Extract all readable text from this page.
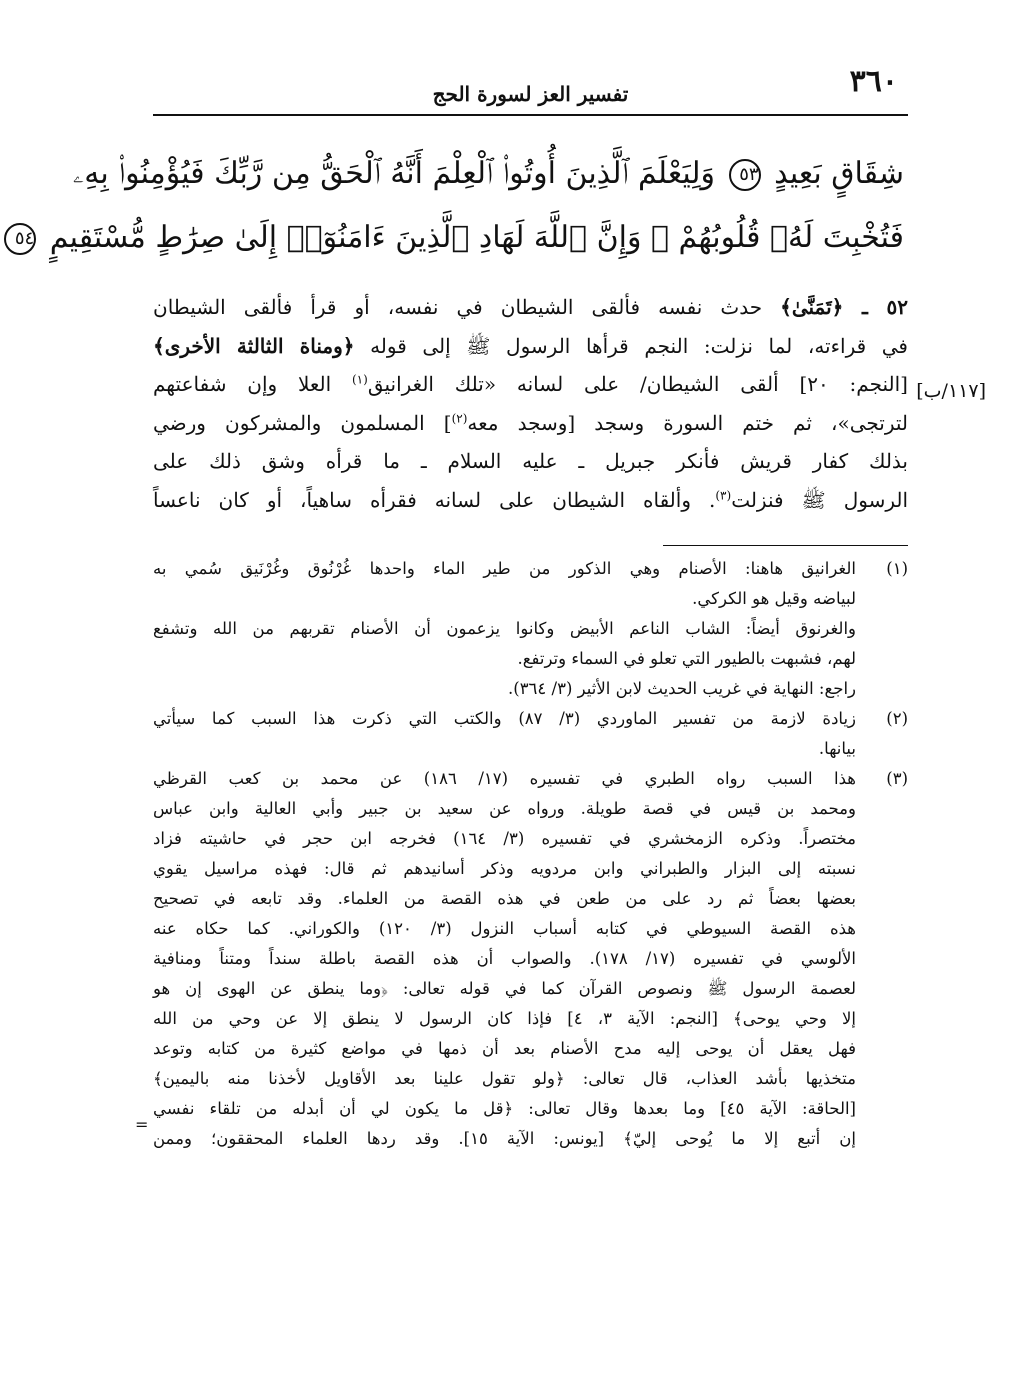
٣٦٠
تفسير العز لسورة الحج
شِقَاقٍ بَعِيدٍ ٥٣ وَلِيَعْلَمَ ٱلَّذِينَ أُوتُوا۟ ٱلْعِلْمَ أَنَّهُ ٱلْحَقُّ مِن رَّبِّكَ فَيُؤْمِنُوا۟ بِهِۦ
فَتُخْبِتَ لَهُۥ قُلُوبُهُمْ ۗ وَإِنَّ ٱللَّهَ لَهَادِ ٱلَّذِينَ ءَامَنُوٓا۟ إِلَىٰ صِرَٰطٍ مُّسْتَقِيمٍ ٥٤
٥٢ ـ ﴿تَمَنَّىٰ﴾ حدث نفسه فألقى الشيطان في نفسه، أو قرأ فألقى الشيطان
في قراءته، لما نزلت: النجم قرأها الرسول ﷺ إلى قوله ﴿ومناة الثالثة الأخرى﴾
[١١٧/ب]
[النجم: ٢٠] ألقى الشيطان/ على لسانه «تلك الغرانيق$^{(١)}$ العلا وإن شفاعتهم
لترتجى»، ثم ختم السورة وسجد [وسجد معه$^{(٢)}$] المسلمون والمشركون ورضي
بذلك كفار قريش فأنكر جبريل ـ عليه السلام ـ ما قرأه وشق ذلك على
الرسول ﷺ فنزلت$^{(٣)}$. وألقاه الشيطان على لسانه فقرأه ساهياً، أو كان ناعساً
(١)
الغرانيق هاهنا: الأصنام وهي الذكور من طير الماء واحدها غُرْنُوق وغُرْنَيق سُمي به
لبياضه وقيل هو الكركي.
والغرنوق أيضاً: الشاب الناعم الأبيض وكانوا يزعمون أن الأصنام تقربهم من الله وتشفع
لهم، فشبهت بالطيور التي تعلو في السماء وترتفع.
راجع: النهاية في غريب الحديث لابن الأثير (٣/ ٣٦٤).
(٢)
زيادة لازمة من تفسير الماوردي (٣/ ٨٧) والكتب التي ذكرت هذا السبب كما سيأتي
بيانها.
(٣)
هذا السبب رواه الطبري في تفسيره (١٧/ ١٨٦) عن محمد بن كعب القرظي
ومحمد بن قيس في قصة طويلة. ورواه عن سعيد بن جبير وأبي العالية وابن عباس
مختصراً. وذكره الزمخشري في تفسيره (٣/ ١٦٤) فخرجه ابن حجر في حاشيته فزاد
نسبته إلى البزار والطبراني وابن مردويه وذكر أسانيدهم ثم قال: فهذه مراسيل يقوي
بعضها بعضاً ثم رد على من طعن في هذه القصة من العلماء. وقد تابعه في تصحيح
هذه القصة السيوطي في كتابه أسباب النزول (٣/ ١٢٠) والكوراني. كما حكاه عنه
الألوسي في تفسيره (١٧/ ١٧٨). والصواب أن هذه القصة باطلة سنداً ومتناً ومنافية
لعصمة الرسول ﷺ ونصوص القرآن كما في قوله تعالى: ﴿وما ينطق عن الهوى إن هو
إلا وحي يوحى﴾ [النجم: الآية ٣، ٤] فإذا كان الرسول لا ينطق إلا عن وحي من الله
فهل يعقل أن يوحى إليه مدح الأصنام بعد أن ذمها في مواضع كثيرة من كتابه وتوعد
متخذيها بأشد العذاب، قال تعالى: ﴿ولو تقول علينا بعد الأقاويل لأخذنا منه باليمين﴾
[الحاقة: الآية ٤٥] وما بعدها وقال تعالى: ﴿قل ما يكون لي أن أبدله من تلقاء نفسي
إن أتبع إلا ما يُوحى إليّ﴾ [يونس: الآية ١٥]. وقد ردها العلماء المحققون؛ وممن
=
